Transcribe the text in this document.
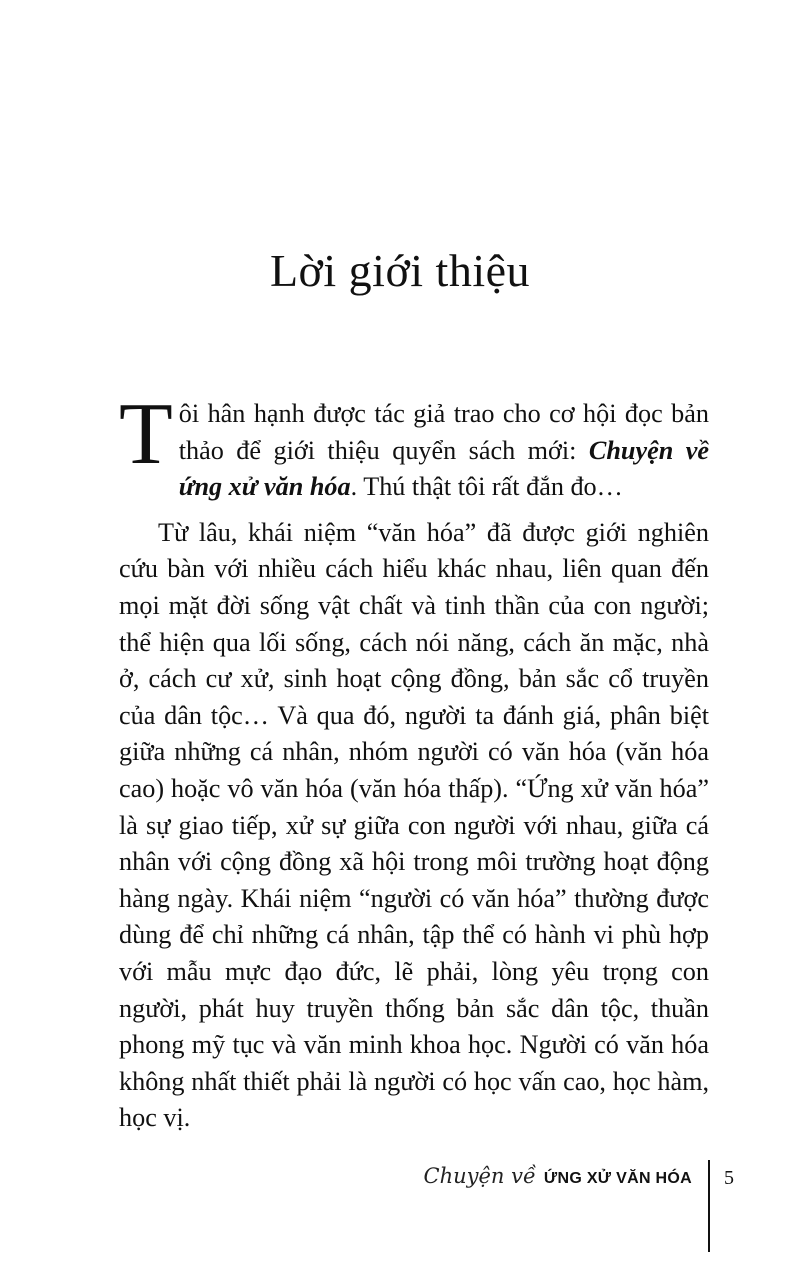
Lời giới thiệu

Tôi hân hạnh được tác giả trao cho cơ hội đọc bản thảo để giới thiệu quyển sách mới: Chuyện về ứng xử văn hóa. Thú thật tôi rất đắn đo…

Từ lâu, khái niệm “văn hóa” đã được giới nghiên cứu bàn với nhiều cách hiểu khác nhau, liên quan đến mọi mặt đời sống vật chất và tinh thần của con người; thể hiện qua lối sống, cách nói năng, cách ăn mặc, nhà ở, cách cư xử, sinh hoạt cộng đồng, bản sắc cổ truyền của dân tộc… Và qua đó, người ta đánh giá, phân biệt giữa những cá nhân, nhóm người có văn hóa (văn hóa cao) hoặc vô văn hóa (văn hóa thấp). “Ứng xử văn hóa” là sự giao tiếp, xử sự giữa con người với nhau, giữa cá nhân với cộng đồng xã hội trong môi trường hoạt động hàng ngày. Khái niệm “người có văn hóa” thường được dùng để chỉ những cá nhân, tập thể có hành vi phù hợp với mẫu mực đạo đức, lẽ phải, lòng yêu trọng con người, phát huy truyền thống bản sắc dân tộc, thuần phong mỹ tục và văn minh khoa học. Người có văn hóa không nhất thiết phải là người có học vấn cao, học hàm, học vị.

Chuyện về ỨNG XỬ VĂN HÓA 5
